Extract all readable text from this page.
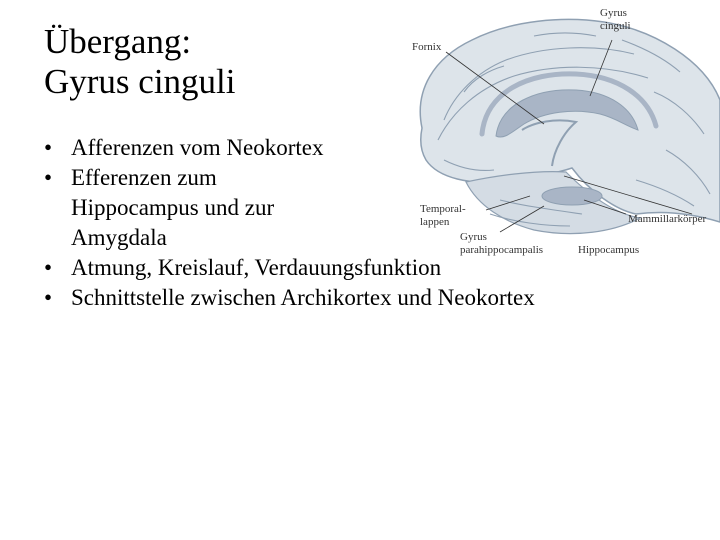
Übergang:
Gyrus cinguli
• Afferenzen vom Neokortex
• Efferenzen zum
Hippocampus und zur
Amygdala
• Atmung, Kreislauf, Verdauungsfunktion
• Schnittstelle zwischen Archikortex und Neokortex
Gyrus
cinguli
Fornix
Temporal-
lappen
Gyrus
parahippocampalis	Hippocampus
Mammillarkörper
